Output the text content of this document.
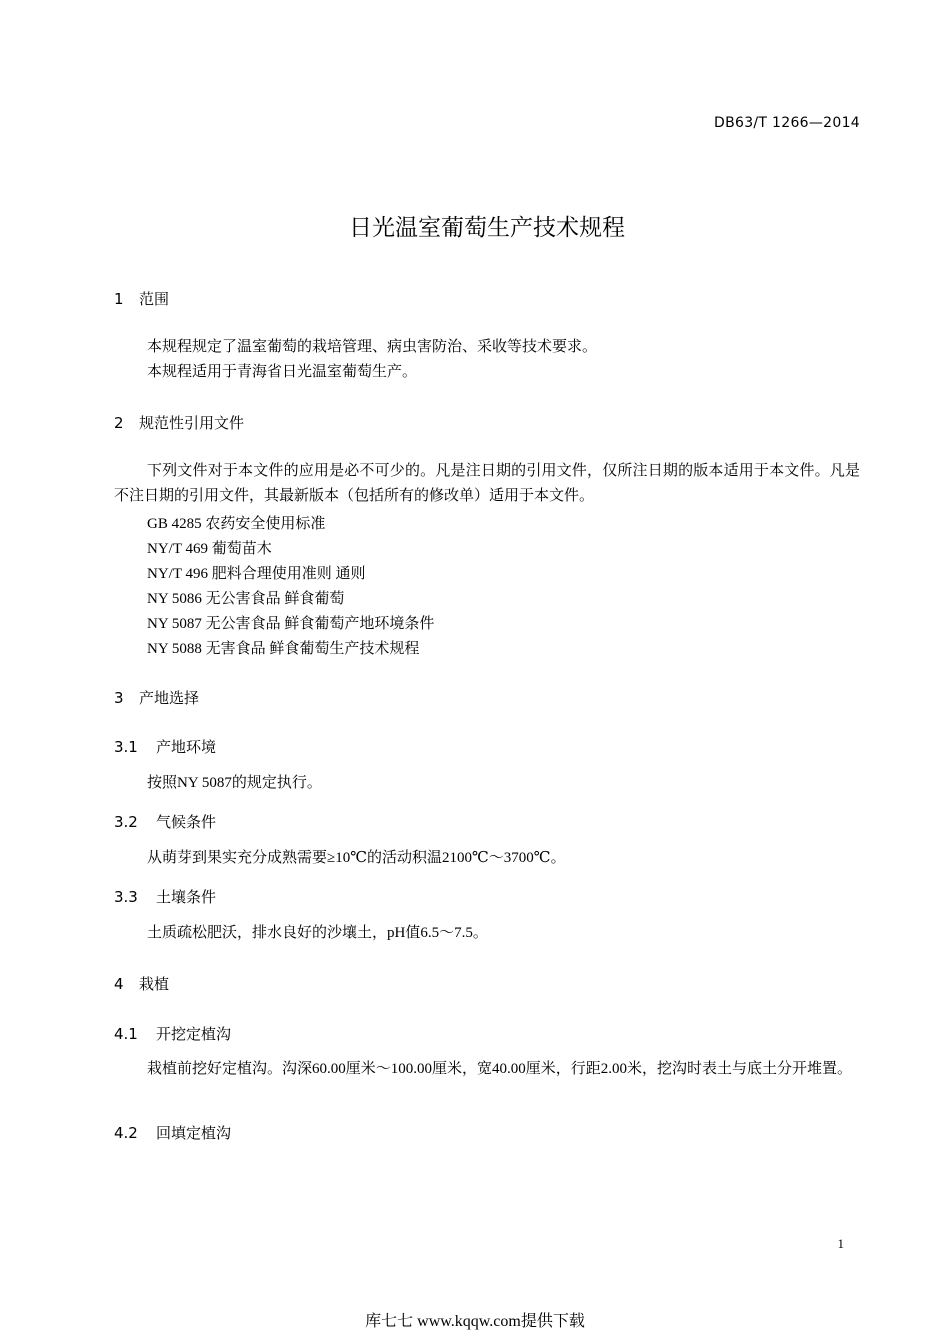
DB63/T 1266—2014
日光温室葡萄生产技术规程
1 范围
本规程规定了温室葡萄的栽培管理、病虫害防治、采收等技术要求。
本规程适用于青海省日光温室葡萄生产。
2 规范性引用文件
下列文件对于本文件的应用是必不可少的。凡是注日期的引用文件，仅所注日期的版本适用于本文件。凡是不注日期的引用文件，其最新版本（包括所有的修改单）适用于本文件。
GB 4285 农药安全使用标准
NY/T 469 葡萄苗木
NY/T 496 肥料合理使用准则 通则
NY 5086 无公害食品 鲜食葡萄
NY 5087 无公害食品 鲜食葡萄产地环境条件
NY 5088 无害食品 鲜食葡萄生产技术规程
3 产地选择
3.1 产地环境
按照NY 5087的规定执行。
3.2 气候条件
从萌芽到果实充分成熟需要≥10℃的活动积温2100℃～3700℃。
3.3 土壤条件
土质疏松肥沃，排水良好的沙壤土，pH值6.5～7.5。
4 栽植
4.1 开挖定植沟
栽植前挖好定植沟。沟深60.00厘米～100.00厘米，宽40.00厘米，行距2.00米，挖沟时表土与底土分开堆置。
4.2 回填定植沟
1
库七七 www.kqqw.com提供下载
